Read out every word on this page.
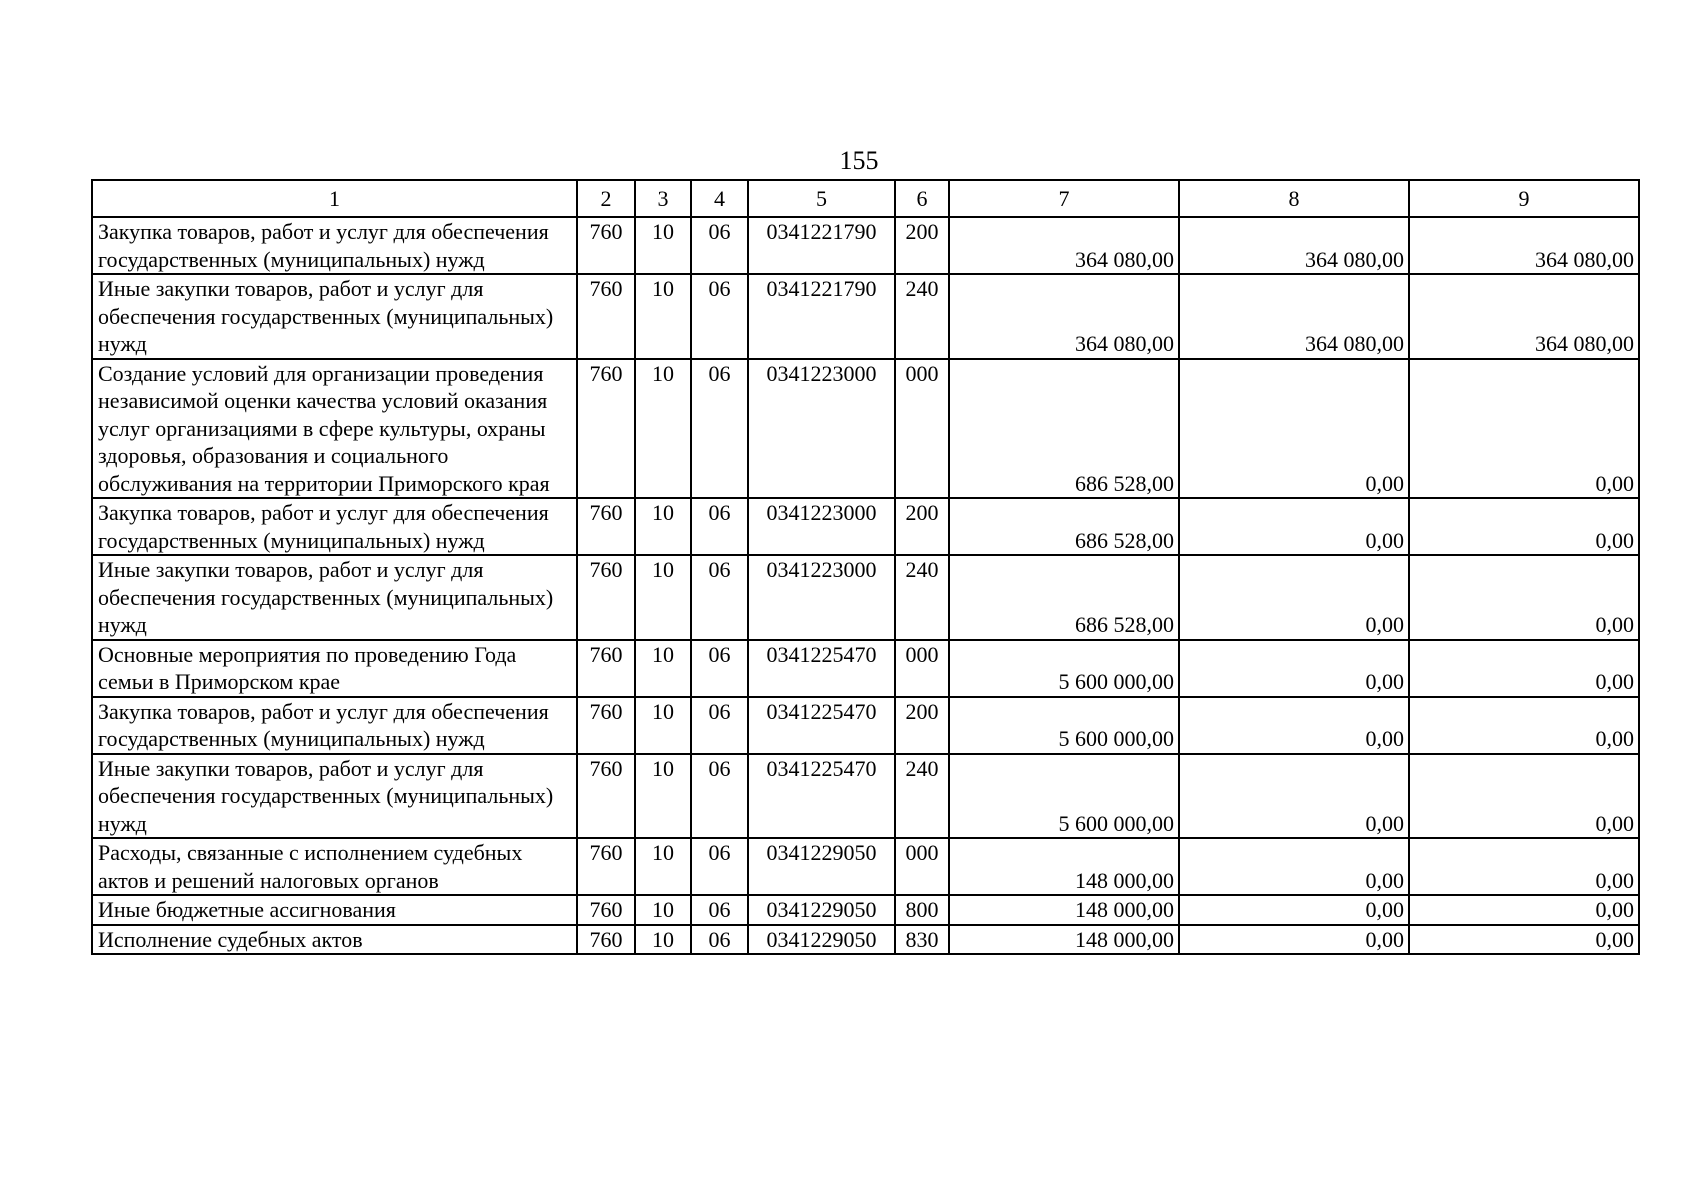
155
1	2	3	4	5	6	7	8	9
Закупка товаров, работ и услуг для обеспечения государственных (муниципальных) нужд	760	10	06	0341221790	200	364 080,00	364 080,00	364 080,00
Иные закупки товаров, работ и услуг для обеспечения государственных (муниципальных) нужд	760	10	06	0341221790	240	364 080,00	364 080,00	364 080,00
Создание условий для организации проведения независимой оценки качества условий оказания услуг организациями в сфере культуры, охраны здоровья, образования и социального обслуживания на территории Приморского края	760	10	06	0341223000	000	686 528,00	0,00	0,00
Закупка товаров, работ и услуг для обеспечения государственных (муниципальных) нужд	760	10	06	0341223000	200	686 528,00	0,00	0,00
Иные закупки товаров, работ и услуг для обеспечения государственных (муниципальных) нужд	760	10	06	0341223000	240	686 528,00	0,00	0,00
Основные мероприятия по проведению Года семьи в Приморском крае	760	10	06	0341225470	000	5 600 000,00	0,00	0,00
Закупка товаров, работ и услуг для обеспечения государственных (муниципальных) нужд	760	10	06	0341225470	200	5 600 000,00	0,00	0,00
Иные закупки товаров, работ и услуг для обеспечения государственных (муниципальных) нужд	760	10	06	0341225470	240	5 600 000,00	0,00	0,00
Расходы, связанные с исполнением судебных актов и решений налоговых органов	760	10	06	0341229050	000	148 000,00	0,00	0,00
Иные бюджетные ассигнования	760	10	06	0341229050	800	148 000,00	0,00	0,00
Исполнение судебных актов	760	10	06	0341229050	830	148 000,00	0,00	0,00
